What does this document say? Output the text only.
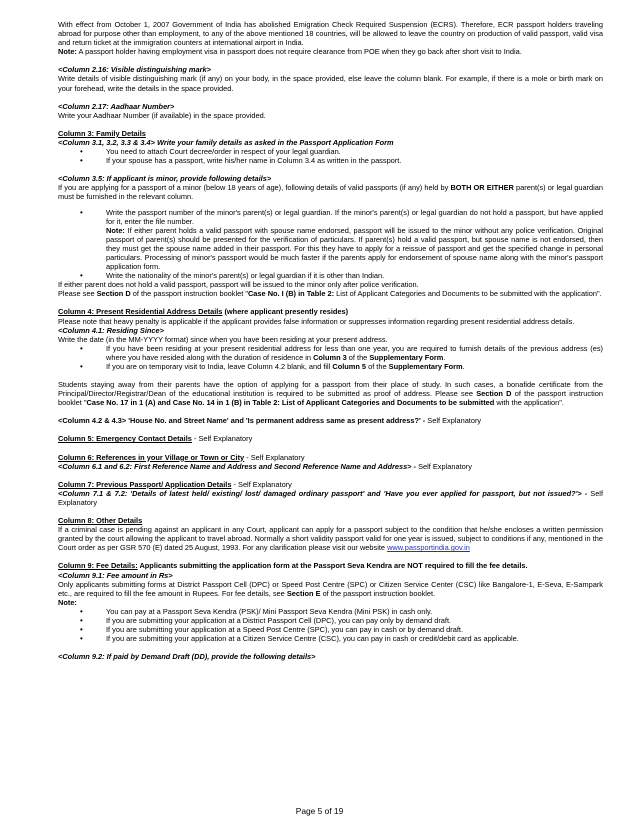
With effect from October 1, 2007 Government of India has abolished Emigration Check Required Suspension (ECRS). Therefore, ECR passport holders traveling abroad for purpose other than employment, to any of the above mentioned 18 countries, will be allowed to leave the country on production of valid passport, valid visa and return ticket at the immigration counters at international airport in India.
Note: A passport holder having employment visa in passport does not require clearance from POE when they go back after short visit to India.

<Column 2.16: Visible distinguishing mark>

Write details of visible distinguishing mark (if any) on your body, in the space provided, else leave the column blank. For example, if there is a mole or birth mark on your forehead, write the details in the space provided.

<Column 2.17: Aadhaar Number>

Write your Aadhaar Number (if available) in the space provided.

Column 3: Family Details

<Column 3.1, 3.2, 3.3 & 3.4> Write your family details as asked in the Passport Application Form

• You need to attach Court decree/order in respect of your legal guardian.
• If your spouse has a passport, write his/her name in Column 3.4 as written in the passport.

<Column 3.5: If applicant is minor, provide following details>

If you are applying for a passport of a minor (below 18 years of age), following details of valid passports (if any) held by BOTH OR EITHER parent(s) or legal guardian must be furnished in the relevant column.

• Write the passport number of the minor's parent(s) or legal guardian. If the minor's parent(s) or legal guardian do not hold a passport, but have applied for it, enter the file number.
Note: If either parent holds a valid passport with spouse name endorsed, passport will be issued to the minor without any police verification. Original passport of parent(s) should be presented for the verification of particulars. If parent(s) hold a valid passport, but spouse name is not endorsed, then they must get the spouse name added in their passport. For this they have to apply for a reissue of passport and get the specified change in personal particulars. Processing of minor's passport would be much faster if the parents apply for endorsement of spouse name along with the minor's passport application form.
• Write the nationality of the minor's parent(s) or legal guardian if it is other than Indian.

If either parent does not hold a valid passport, passport will be issued to the minor only after police verification.

Please see Section D of the passport instruction booklet "Case No. I (B) in Table 2: List of Applicant Categories and Documents to be submitted with the application".

Column 4: Present Residential Address Details (where applicant presently resides)

Please note that heavy penalty is applicable if the applicant provides false information or suppresses information regarding present residential address details.

<Column 4.1: Residing Since>

Write the date (in the MM-YYYY format) since when you have been residing at your present address.

• If you have been residing at your present residential address for less than one year, you are required to furnish details of the previous address (es) where you have resided along with the duration of residence in Column 3 of the Supplementary Form.
• If you are on temporary visit to India, leave Column 4.2 blank, and fill Column 5 of the Supplementary Form.

Students staying away from their parents have the option of applying for a passport from their place of study. In such cases, a bonafide certificate from the Principal/Director/Registrar/Dean of the educational institution is required to be submitted as proof of address. Please see Section D of the passport instruction booklet "Case No. 17 in 1 (A) and Case No. 14 in 1 (B) in Table 2: List of Applicant Categories and Documents to be submitted with the application".

<Column 4.2 & 4.3> 'House No. and Street Name' and 'Is permanent address same as present address?' - Self Explanatory

Column 5: Emergency Contact Details - Self Explanatory

Column 6: References in your Village or Town or City - Self Explanatory

<Column 6.1 and 6.2: First Reference Name and Address and Second Reference Name and Address> - Self Explanatory

Column 7: Previous Passport/ Application Details - Self Explanatory

<Column 7.1 & 7.2: 'Details of latest held/ existing/ lost/ damaged ordinary passport' and 'Have you ever applied for passport, but not issued?'> - Self Explanatory

Column 8: Other Details

If a criminal case is pending against an applicant in any Court, applicant can apply for a passport subject to the condition that he/she encloses a written permission granted by the court allowing the applicant to travel abroad. Normally a short validity passport valid for one year is issued, subject to conditions if any, mentioned in the Court order as per GSR 570 (E) dated 25 August, 1993. For any clarification please visit our website www.passportindia.gov.in

Column 9: Fee Details: Applicants submitting the application form at the Passport Seva Kendra are NOT required to fill the fee details.

<Column 9.1: Fee amount in Rs>

Only applicants submitting forms at District Passport Cell (DPC) or Speed Post Centre (SPC) or Citizen Service Center (CSC) like Bangalore-1, E-Seva, E-Sampark etc., are required to fill the fee amount in Rupees. For fee details, see Section E of the passport instruction booklet.

Note:

• You can pay at a Passport Seva Kendra (PSK)/ Mini Passport Seva Kendra (Mini PSK) in cash only.
• If you are submitting your application at a District Passport Cell (DPC), you can pay only by demand draft.
• If you are submitting your application at a Speed Post Centre (SPC), you can pay in cash or by demand draft.
• If you are submitting your application at a Citizen Service Centre (CSC), you can pay in cash or credit/debit card as applicable.

<Column 9.2: If paid by Demand Draft (DD), provide the following details>

Page 5 of 19
